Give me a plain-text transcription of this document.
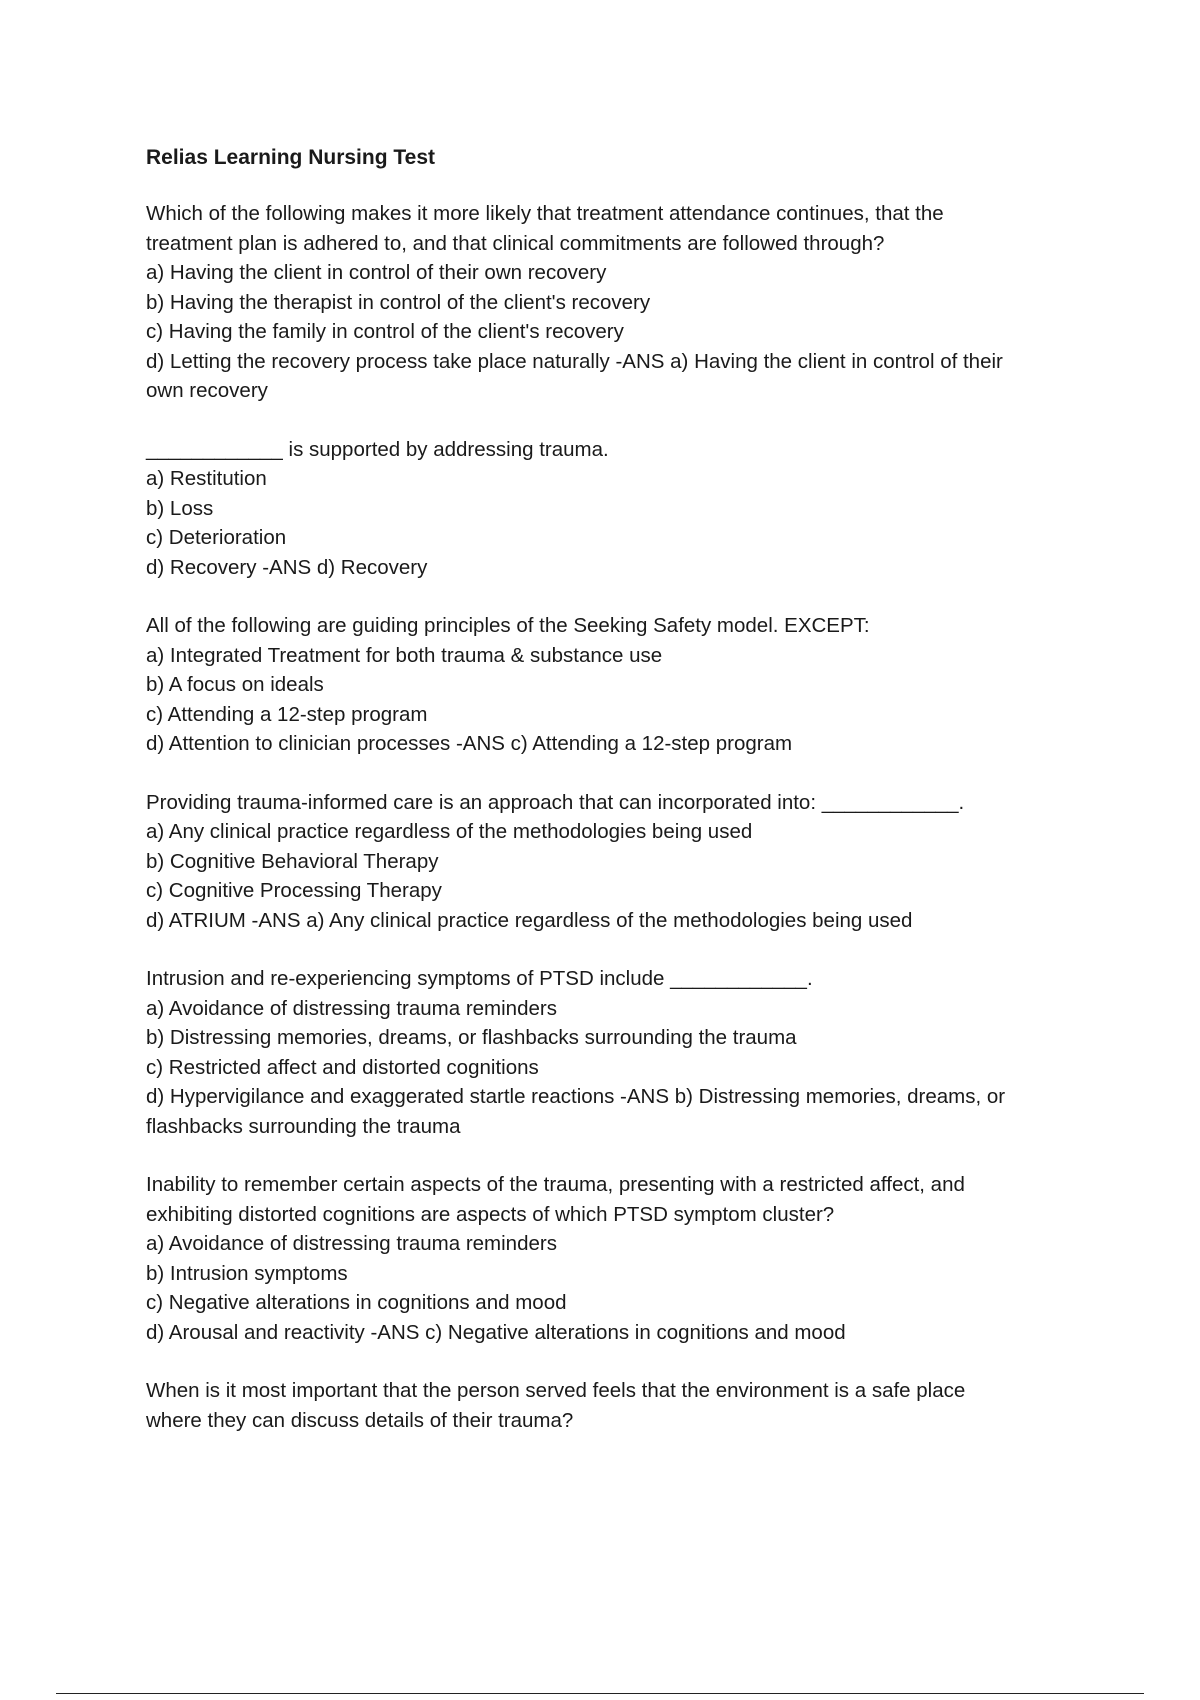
Relias Learning Nursing Test

Which of the following makes it more likely that treatment attendance continues, that the

treatment plan is adhered to, and that clinical commitments are followed through?

a) Having the client in control of their own recovery

b) Having the therapist in control of the client's recovery

c) Having the family in control of the client's recovery

d) Letting the recovery process take place naturally -ANS a) Having the client in control of their

own recovery

____________ is supported by addressing trauma.

a) Restitution

b) Loss

c) Deterioration

d) Recovery -ANS d) Recovery

All of the following are guiding principles of the Seeking Safety model. EXCEPT:

a) Integrated Treatment for both trauma & substance use

b) A focus on ideals

c) Attending a 12-step program

d) Attention to clinician processes -ANS c) Attending a 12-step program

Providing trauma-informed care is an approach that can incorporated into: ____________.

a) Any clinical practice regardless of the methodologies being used

b) Cognitive Behavioral Therapy

c) Cognitive Processing Therapy

d) ATRIUM -ANS a) Any clinical practice regardless of the methodologies being used

Intrusion and re-experiencing symptoms of PTSD include ____________.

a) Avoidance of distressing trauma reminders

b) Distressing memories, dreams, or flashbacks surrounding the trauma

c) Restricted affect and distorted cognitions

d) Hypervigilance and exaggerated startle reactions -ANS b) Distressing memories, dreams, or

flashbacks surrounding the trauma

Inability to remember certain aspects of the trauma, presenting with a restricted affect, and

exhibiting distorted cognitions are aspects of which PTSD symptom cluster?

a) Avoidance of distressing trauma reminders

b) Intrusion symptoms

c) Negative alterations in cognitions and mood

d) Arousal and reactivity -ANS c) Negative alterations in cognitions and mood

When is it most important that the person served feels that the environment is a safe place

where they can discuss details of their trauma?
